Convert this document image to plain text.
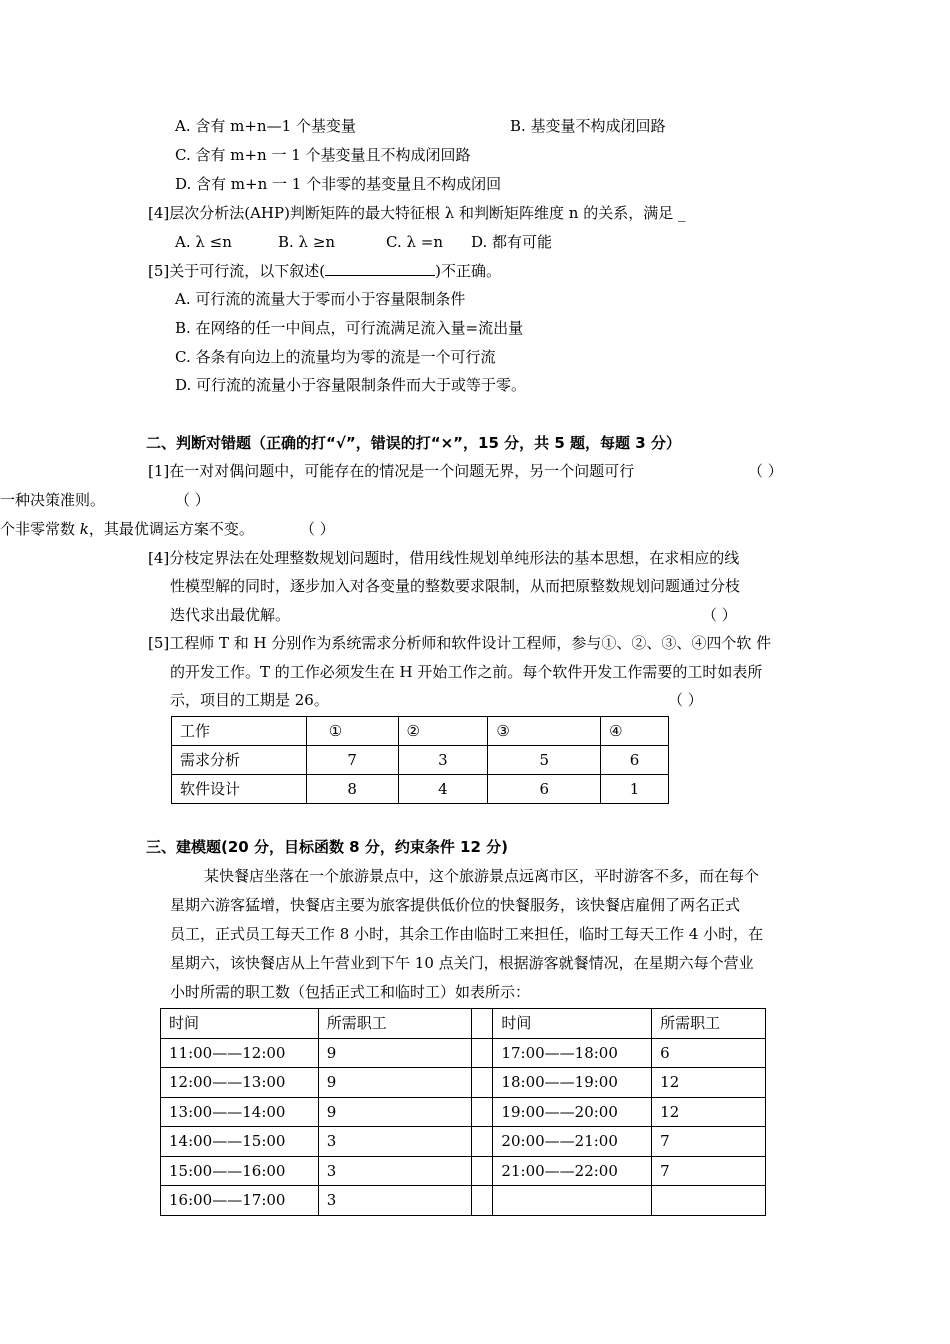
A. 含有 m+n—1 个基变量	B. 基变量不构成闭回路
C. 含有 m+n 一 1 个基变量且不构成闭回路
D. 含有 m+n 一 1 个非零的基变量且不构成闭回
[4]层次分析法(AHP)判断矩阵的最大特征根 λ 和判断矩阵维度 n 的关系，满足 _
A. λ ≤n	B. λ ≥n	C. λ =n D. 都有可能
[5]关于可行流，以下叙述(	)不正确。
A. 可行流的流量大于零而小于容量限制条件
B. 在网络的任一中间点，可行流满足流入量=流出量
C. 各条有向边上的流量均为零的流是一个可行流
D. 可行流的流量小于容量限制条件而大于或等于零。
二、判断对错题（正确的打“√”，错误的打“×”，15 分，共 5 题，每题 3 分）
[1]在一对对偶问题中，可能存在的情况是一个问题无界，另一个问题可行	（ ）
一种决策准则。	（ ）
个非零常数 k，其最优调运方案不变。	（ ）
[4]分枝定界法在处理整数规划问题时，借用线性规划单纯形法的基本思想，在求相应的线
性模型解的同时，逐步加入对各变量的整数要求限制，从而把原整数规划问题通过分枝
迭代求出最优解。	（ ）
[5]工程师 T 和 H 分别作为系统需求分析师和软件设计工程师，参与①、②、③、④四个软 件
的开发工作。T 的工作必须发生在 H 开始工作之前。每个软件开发工作需要的工时如表所
示，项目的工期是 26。	（ ）
工作	①	②	③	④
需求分析	7	3	5	6
软件设计	8	4	6	1
三、建模题(20 分，目标函数 8 分，约束条件 12 分)
某快餐店坐落在一个旅游景点中，这个旅游景点远离市区，平时游客不多，而在每个
星期六游客猛增，快餐店主要为旅客提供低价位的快餐服务，该快餐店雇佣了两名正式
员工，正式员工每天工作 8 小时，其余工作由临时工来担任，临时工每天工作 4 小时，在
星期六，该快餐店从上午营业到下午 10 点关门，根据游客就餐情况，在星期六每个营业
小时所需的职工数（包括正式工和临时工）如表所示：
时间	所需职工		时间	所需职工
11:00——12:00	9		17:00——18:00	6
12:00——13:00	9		18:00——19:00	12
13:00——14:00	9		19:00——20:00	12
14:00——15:00	3		20:00——21:00	7
15:00——16:00	3		21:00——22:00	7
16:00——17:00	3			
